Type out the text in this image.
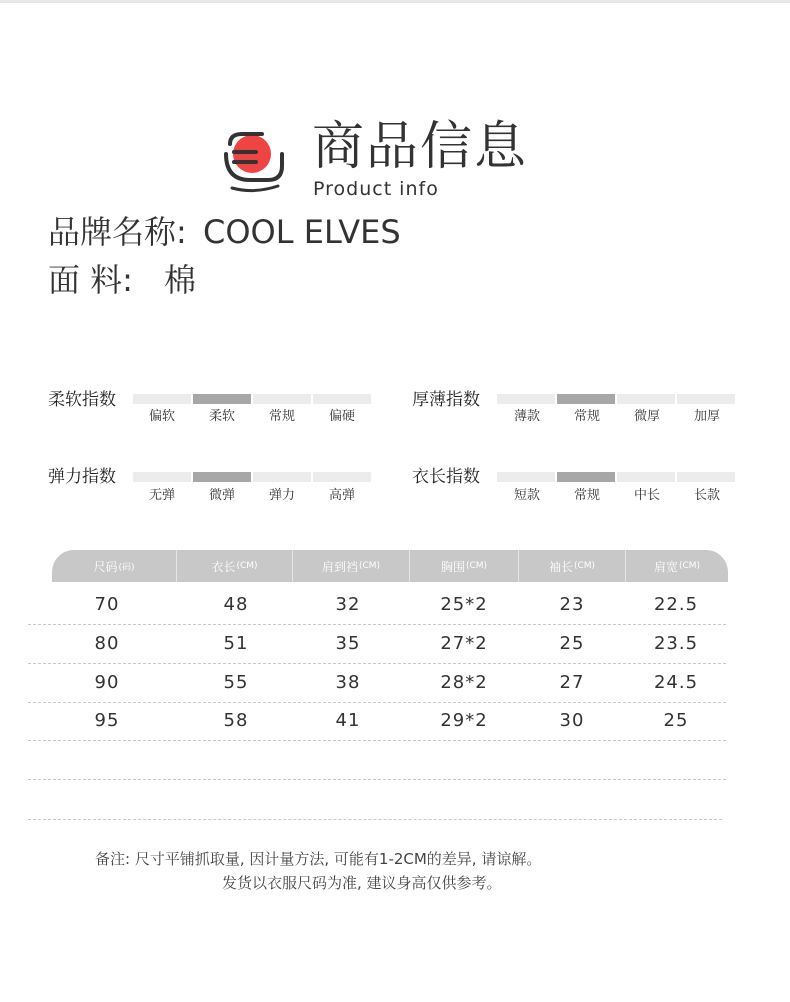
商品信息
Product info
品牌名称: COOL ELVES
面 料: 棉
柔软指数
偏软	柔软	常规	偏硬
厚薄指数
薄款	常规	微厚	加厚
弹力指数
无弹	微弹	弹力	高弹
衣长指数
短款	常规	中长	长款
尺码 (码)	衣长 (CM)	肩到裆 (CM)	胸围 (CM)	袖长 (CM)	肩宽 (CM)
70	48	32	25*2	23	22.5
80	51	35	27*2	25	23.5
90	55	38	28*2	27	24.5
95	58	41	29*2	30	25
备注: 尺寸平铺抓取量, 因计量方法, 可能有1-2CM的差异, 请谅解。
发货以衣服尺码为准, 建议身高仅供参考。
